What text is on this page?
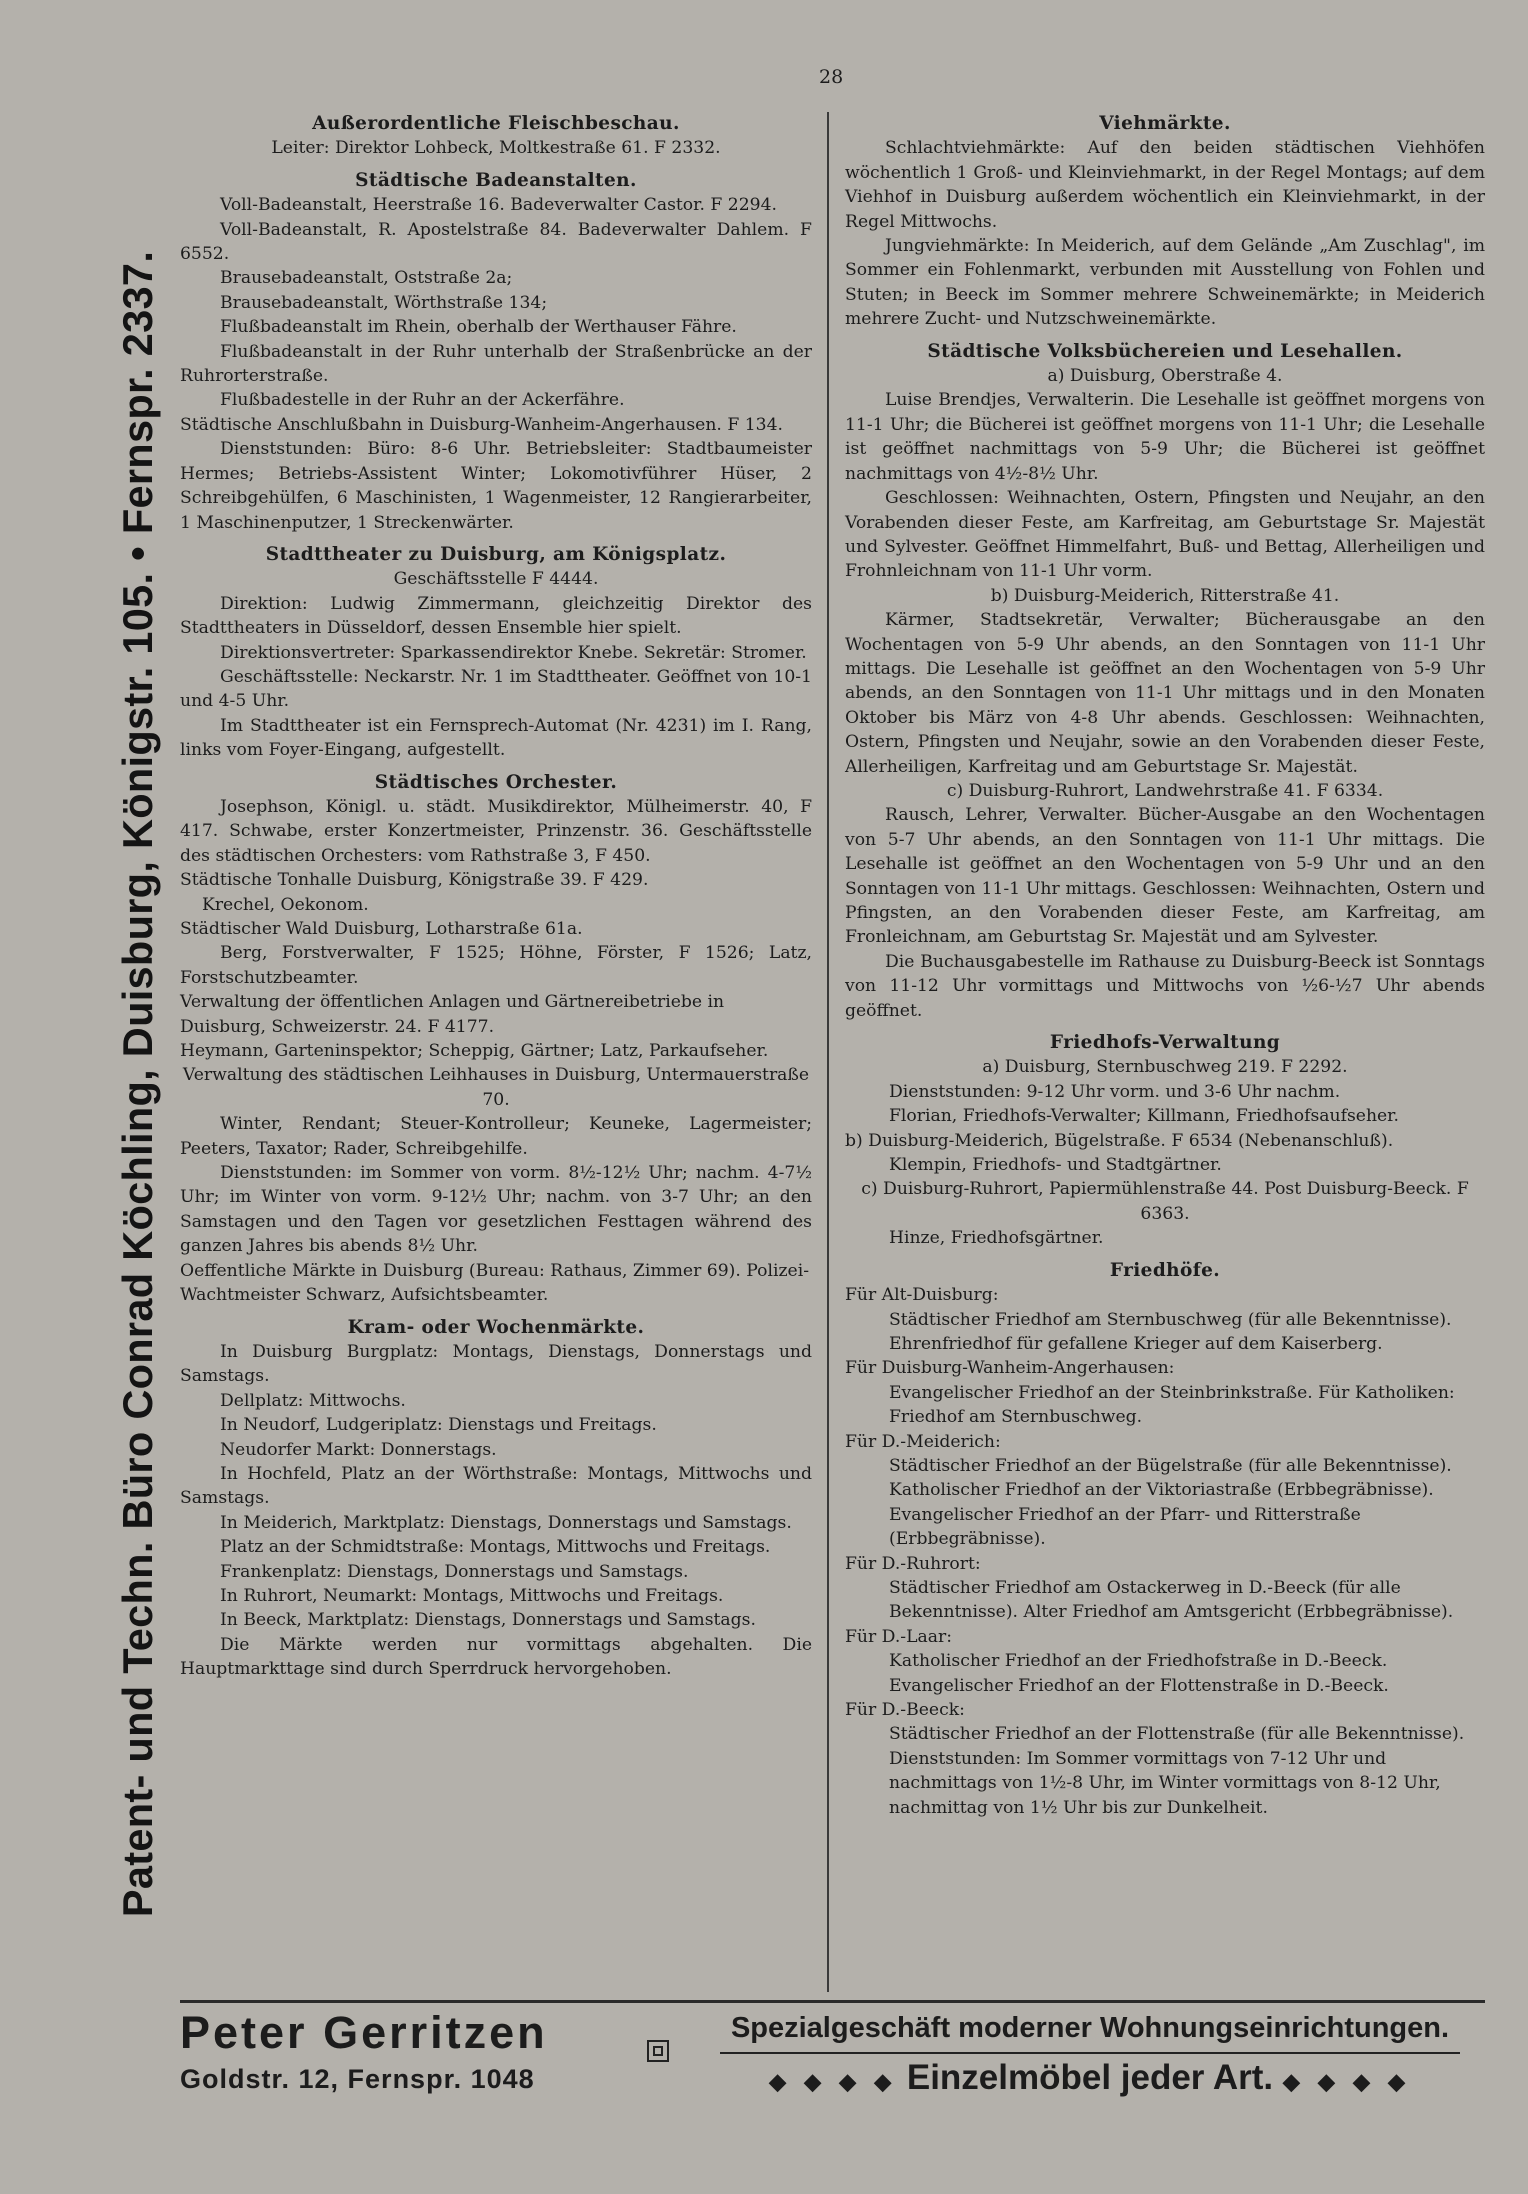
Patent- und Techn. Büro Conrad Köchling, Duisburg, Königstr. 105. • Fernspr. 2337.
28
Außerordentliche Fleischbeschau.
Leiter: Direktor Lohbeck, Moltkestraße 61. F 2332.
Städtische Badeanstalten.
Voll-Badeanstalt, Heerstraße 16. Badeverwalter Castor. F 2294.
Voll-Badeanstalt, R. Apostelstraße 84. Badeverwalter Dahlem. F 6552.
Brausebadeanstalt, Oststraße 2a;
Brausebadeanstalt, Wörthstraße 134;
Flußbadeanstalt im Rhein, oberhalb der Werthauser Fähre.
Flußbadeanstalt in der Ruhr unterhalb der Straßenbrücke an der Ruhrorterstraße.
Flußbadestelle in der Ruhr an der Ackerfähre.
Städtische Anschlußbahn in Duisburg-Wanheim-Angerhausen. F 134.
Dienststunden: Büro: 8-6 Uhr. Betriebsleiter: Stadtbaumeister Hermes; Betriebs-Assistent Winter; Lokomotivführer Hüser, 2 Schreibgehülfen, 6 Maschinisten, 1 Wagenmeister, 12 Rangierarbeiter, 1 Maschinenputzer, 1 Streckenwärter.
Stadttheater zu Duisburg, am Königsplatz.
Geschäftsstelle F 4444.
Direktion: Ludwig Zimmermann, gleichzeitig Direktor des Stadttheaters in Düsseldorf, dessen Ensemble hier spielt.
Direktionsvertreter: Sparkassendirektor Knebe. Sekretär: Stromer.
Geschäftsstelle: Neckarstr. Nr. 1 im Stadttheater. Geöffnet von 10-1 und 4-5 Uhr.
Im Stadttheater ist ein Fernsprech-Automat (Nr. 4231) im I. Rang, links vom Foyer-Eingang, aufgestellt.
Städtisches Orchester.
Josephson, Königl. u. städt. Musikdirektor, Mülheimerstr. 40, F 417. Schwabe, erster Konzertmeister, Prinzenstr. 36. Geschäftsstelle des städtischen Orchesters: vom Rathstraße 3, F 450.
Städtische Tonhalle Duisburg, Königstraße 39. F 429.
Krechel, Oekonom.
Städtischer Wald Duisburg, Lotharstraße 61a.
Berg, Forstverwalter, F 1525; Höhne, Förster, F 1526; Latz, Forstschutzbeamter.
Verwaltung der öffentlichen Anlagen und Gärtnereibetriebe in Duisburg, Schweizerstr. 24. F 4177.
Heymann, Garteninspektor; Scheppig, Gärtner; Latz, Parkaufseher.
Verwaltung des städtischen Leihhauses in Duisburg, Untermauerstraße 70.
Winter, Rendant; Steuer-Kontrolleur; Keuneke, Lagermeister; Peeters, Taxator; Rader, Schreibgehilfe.
Dienststunden: im Sommer von vorm. 8½-12½ Uhr; nachm. 4-7½ Uhr; im Winter von vorm. 9-12½ Uhr; nachm. von 3-7 Uhr; an den Samstagen und den Tagen vor gesetzlichen Festtagen während des ganzen Jahres bis abends 8½ Uhr.
Oeffentliche Märkte in Duisburg (Bureau: Rathaus, Zimmer 69). Polizei-Wachtmeister Schwarz, Aufsichtsbeamter.
Kram- oder Wochenmärkte.
In Duisburg Burgplatz: Montags, Dienstags, Donnerstags und Samstags.
Dellplatz: Mittwochs.
In Neudorf, Ludgeriplatz: Dienstags und Freitags.
Neudorfer Markt: Donnerstags.
In Hochfeld, Platz an der Wörthstraße: Montags, Mittwochs und Samstags.
In Meiderich, Marktplatz: Dienstags, Donnerstags und Samstags.
Platz an der Schmidtstraße: Montags, Mittwochs und Freitags.
Frankenplatz: Dienstags, Donnerstags und Samstags.
In Ruhrort, Neumarkt: Montags, Mittwochs und Freitags.
In Beeck, Marktplatz: Dienstags, Donnerstags und Samstags.
Die Märkte werden nur vormittags abgehalten. Die Hauptmarkttage sind durch Sperrdruck hervorgehoben.
Viehmärkte.
Schlachtviehmärkte: Auf den beiden städtischen Viehhöfen wöchentlich 1 Groß- und Kleinviehmarkt, in der Regel Montags; auf dem Viehhof in Duisburg außerdem wöchentlich ein Kleinviehmarkt, in der Regel Mittwochs.
Jungviehmärkte: In Meiderich, auf dem Gelände „Am Zuschlag", im Sommer ein Fohlenmarkt, verbunden mit Ausstellung von Fohlen und Stuten; in Beeck im Sommer mehrere Schweinemärkte; in Meiderich mehrere Zucht- und Nutzschweinemärkte.
Städtische Volksbüchereien und Lesehallen.
a) Duisburg, Oberstraße 4.
Luise Brendjes, Verwalterin. Die Lesehalle ist geöffnet morgens von 11-1 Uhr; die Bücherei ist geöffnet morgens von 11-1 Uhr; die Lesehalle ist geöffnet nachmittags von 5-9 Uhr; die Bücherei ist geöffnet nachmittags von 4½-8½ Uhr.
Geschlossen: Weihnachten, Ostern, Pfingsten und Neujahr, an den Vorabenden dieser Feste, am Karfreitag, am Geburtstage Sr. Majestät und Sylvester. Geöffnet Himmelfahrt, Buß- und Bettag, Allerheiligen und Frohnleichnam von 11-1 Uhr vorm.
b) Duisburg-Meiderich, Ritterstraße 41.
Kärmer, Stadtsekretär, Verwalter; Bücherausgabe an den Wochentagen von 5-9 Uhr abends, an den Sonntagen von 11-1 Uhr mittags. Die Lesehalle ist geöffnet an den Wochentagen von 5-9 Uhr abends, an den Sonntagen von 11-1 Uhr mittags und in den Monaten Oktober bis März von 4-8 Uhr abends. Geschlossen: Weihnachten, Ostern, Pfingsten und Neujahr, sowie an den Vorabenden dieser Feste, Allerheiligen, Karfreitag und am Geburtstage Sr. Majestät.
c) Duisburg-Ruhrort, Landwehrstraße 41. F 6334.
Rausch, Lehrer, Verwalter. Bücher-Ausgabe an den Wochentagen von 5-7 Uhr abends, an den Sonntagen von 11-1 Uhr mittags. Die Lesehalle ist geöffnet an den Wochentagen von 5-9 Uhr und an den Sonntagen von 11-1 Uhr mittags. Geschlossen: Weihnachten, Ostern und Pfingsten, an den Vorabenden dieser Feste, am Karfreitag, am Fronleichnam, am Geburtstag Sr. Majestät und am Sylvester.
Die Buchausgabestelle im Rathause zu Duisburg-Beeck ist Sonntags von 11-12 Uhr vormittags und Mittwochs von ½6-½7 Uhr abends geöffnet.
Friedhofs-Verwaltung
a) Duisburg, Sternbuschweg 219. F 2292.
Dienststunden: 9-12 Uhr vorm. und 3-6 Uhr nachm.
Florian, Friedhofs-Verwalter; Killmann, Friedhofsaufseher.
b) Duisburg-Meiderich, Bügelstraße. F 6534 (Nebenanschluß).
Klempin, Friedhofs- und Stadtgärtner.
c) Duisburg-Ruhrort, Papiermühlenstraße 44. Post Duisburg-Beeck. F 6363.
Hinze, Friedhofsgärtner.
Friedhöfe.
Für Alt-Duisburg:
Städtischer Friedhof am Sternbuschweg (für alle Bekenntnisse). Ehrenfriedhof für gefallene Krieger auf dem Kaiserberg.
Für Duisburg-Wanheim-Angerhausen:
Evangelischer Friedhof an der Steinbrinkstraße. Für Katholiken: Friedhof am Sternbuschweg.
Für D.-Meiderich:
Städtischer Friedhof an der Bügelstraße (für alle Bekenntnisse). Katholischer Friedhof an der Viktoriastraße (Erbbegräbnisse). Evangelischer Friedhof an der Pfarr- und Ritterstraße (Erbbegräbnisse).
Für D.-Ruhrort:
Städtischer Friedhof am Ostackerweg in D.-Beeck (für alle Bekenntnisse). Alter Friedhof am Amtsgericht (Erbbegräbnisse).
Für D.-Laar:
Katholischer Friedhof an der Friedhofstraße in D.-Beeck. Evangelischer Friedhof an der Flottenstraße in D.-Beeck.
Für D.-Beeck:
Städtischer Friedhof an der Flottenstraße (für alle Bekenntnisse). Dienststunden: Im Sommer vormittags von 7-12 Uhr und nachmittags von 1½-8 Uhr, im Winter vormittags von 8-12 Uhr, nachmittag von 1½ Uhr bis zur Dunkelheit.
Peter Gerritzen
Goldstr. 12, Fernspr. 1048
Spezialgeschäft moderner Wohnungseinrichtungen.
◆ ◆ ◆ ◆ Einzelmöbel jeder Art. ◆ ◆ ◆ ◆
